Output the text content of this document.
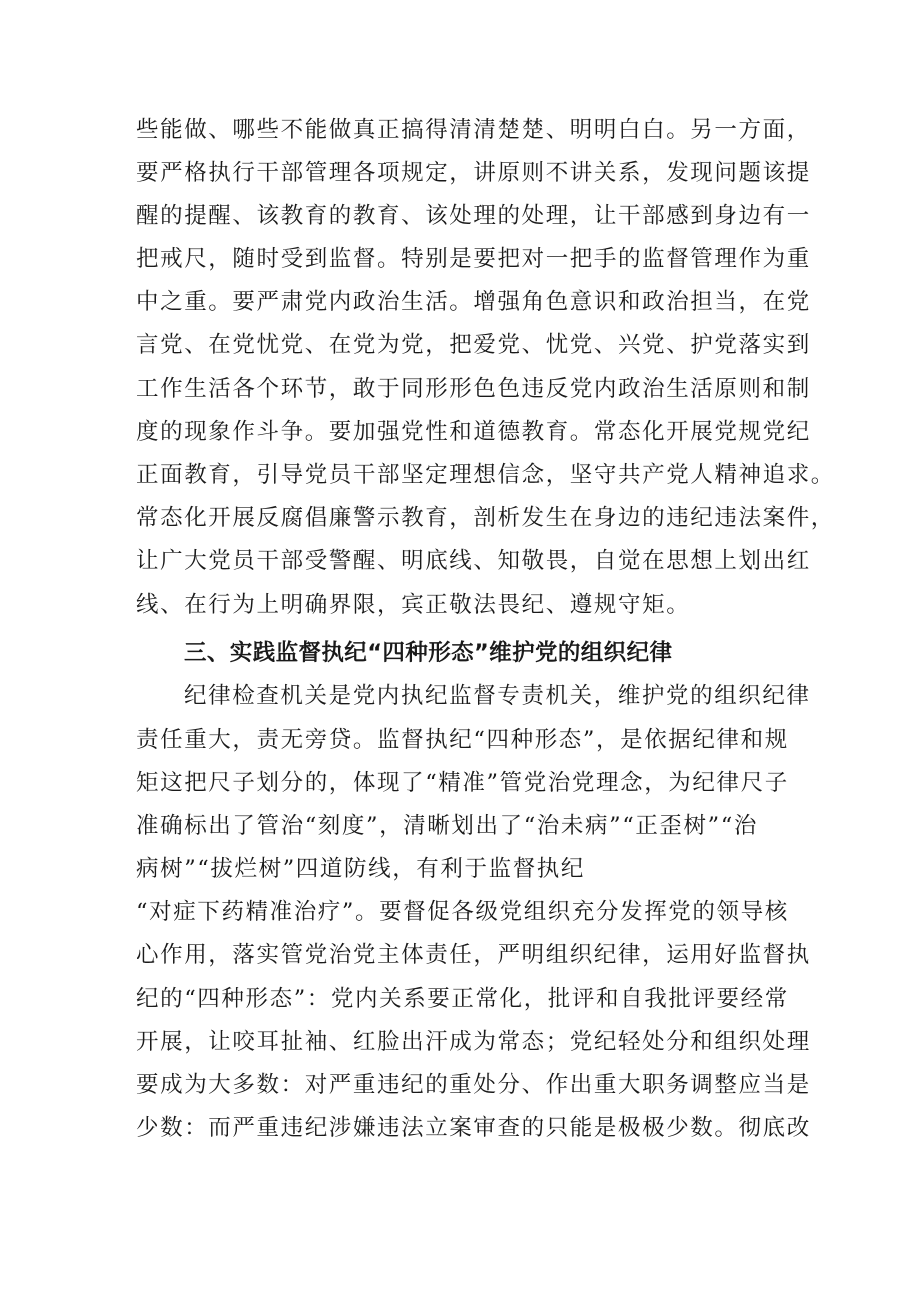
些能做、哪些不能做真正搞得清清楚楚、明明白白。另一方面，
要严格执行干部管理各项规定，讲原则不讲关系，发现问题该提
醒的提醒、该教育的教育、该处理的处理，让干部感到身边有一
把戒尺，随时受到监督。特别是要把对一把手的监督管理作为重
中之重。要严肃党内政治生活。增强角色意识和政治担当，在党
言党、在党忧党、在党为党，把爱党、忧党、兴党、护党落实到
工作生活各个环节，敢于同形形色色违反党内政治生活原则和制
度的现象作斗争。要加强党性和道德教育。常态化开展党规党纪
正面教育，引导党员干部坚定理想信念，坚守共产党人精神追求。
常态化开展反腐倡廉警示教育，剖析发生在身边的违纪违法案件，
让广大党员干部受警醒、明底线、知敬畏，自觉在思想上划出红
线、在行为上明确界限，宾正敬法畏纪、遵规守矩。
三、实践监督执纪“四种形态”维护党的组织纪律
纪律检查机关是党内执纪监督专责机关，维护党的组织纪律
责任重大，责无旁贷。监督执纪“四种形态”，是依据纪律和规
矩这把尺子划分的，体现了“精准”管党治党理念，为纪律尺子
准确标出了管治“刻度”，清晰划出了“治未病”“正歪树”“治
病树”“拔烂树”四道防线，有利于监督执纪
“对症下药精准治疗”。要督促各级党组织充分发挥党的领导核
心作用，落实管党治党主体责任，严明组织纪律，运用好监督执
纪的“四种形态”：党内关系要正常化，批评和自我批评要经常
开展，让咬耳扯袖、红脸出汗成为常态；党纪轻处分和组织处理
要成为大多数：对严重违纪的重处分、作出重大职务调整应当是
少数：而严重违纪涉嫌违法立案审查的只能是极极少数。彻底改
